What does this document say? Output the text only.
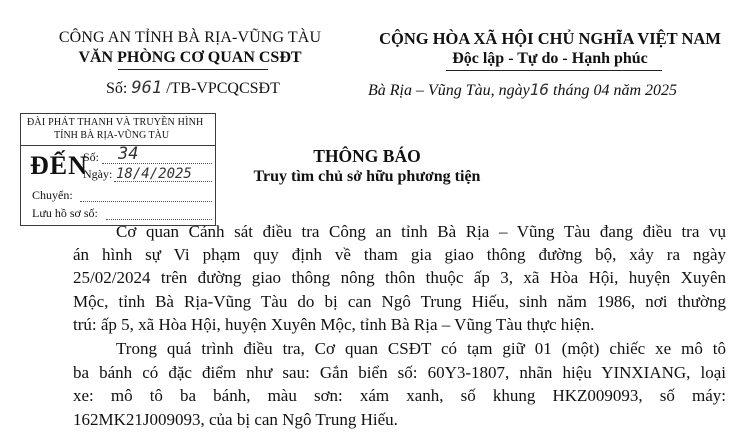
CÔNG AN TỈNH BÀ RỊA-VŨNG TÀU
VĂN PHÒNG CƠ QUAN CSĐT
Số: 961 /TB-VPCQCSĐT
CỘNG HÒA XÃ HỘI CHỦ NGHĨA VIỆT NAM
Độc lập - Tự do - Hạnh phúc
Bà Rịa – Vũng Tàu, ngày16 tháng 04 năm 2025
ĐÀI PHÁT THANH VÀ TRUYỀN HÌNH
TỈNH BÀ RỊA-VŨNG TÀU
ĐẾN
Số: 34
Ngày: 18/4/2025
Chuyển:
Lưu hồ sơ số:
THÔNG BÁO
Truy tìm chủ sở hữu phương tiện
Cơ quan Cảnh sát điều tra Công an tỉnh Bà Rịa – Vũng Tàu đang điều tra vụ
án hình sự Vi phạm quy định về tham gia giao thông đường bộ, xảy ra ngày
25/02/2024 trên đường giao thông nông thôn thuộc ấp 3, xã Hòa Hội, huyện Xuyên
Mộc, tỉnh Bà Rịa-Vũng Tàu do bị can Ngô Trung Hiếu, sinh năm 1986, nơi thường
trú: ấp 5, xã Hòa Hội, huyện Xuyên Mộc, tỉnh Bà Rịa – Vũng Tàu thực hiện.
Trong quá trình điều tra, Cơ quan CSĐT có tạm giữ 01 (một) chiếc xe mô tô
ba bánh có đặc điểm như sau: Gắn biển số: 60Y3-1807, nhãn hiệu YINXIANG, loại
xe: mô tô ba bánh, màu sơn: xám xanh, số khung HKZ009093, số máy:
162MK21J009093, của bị can Ngô Trung Hiếu.
